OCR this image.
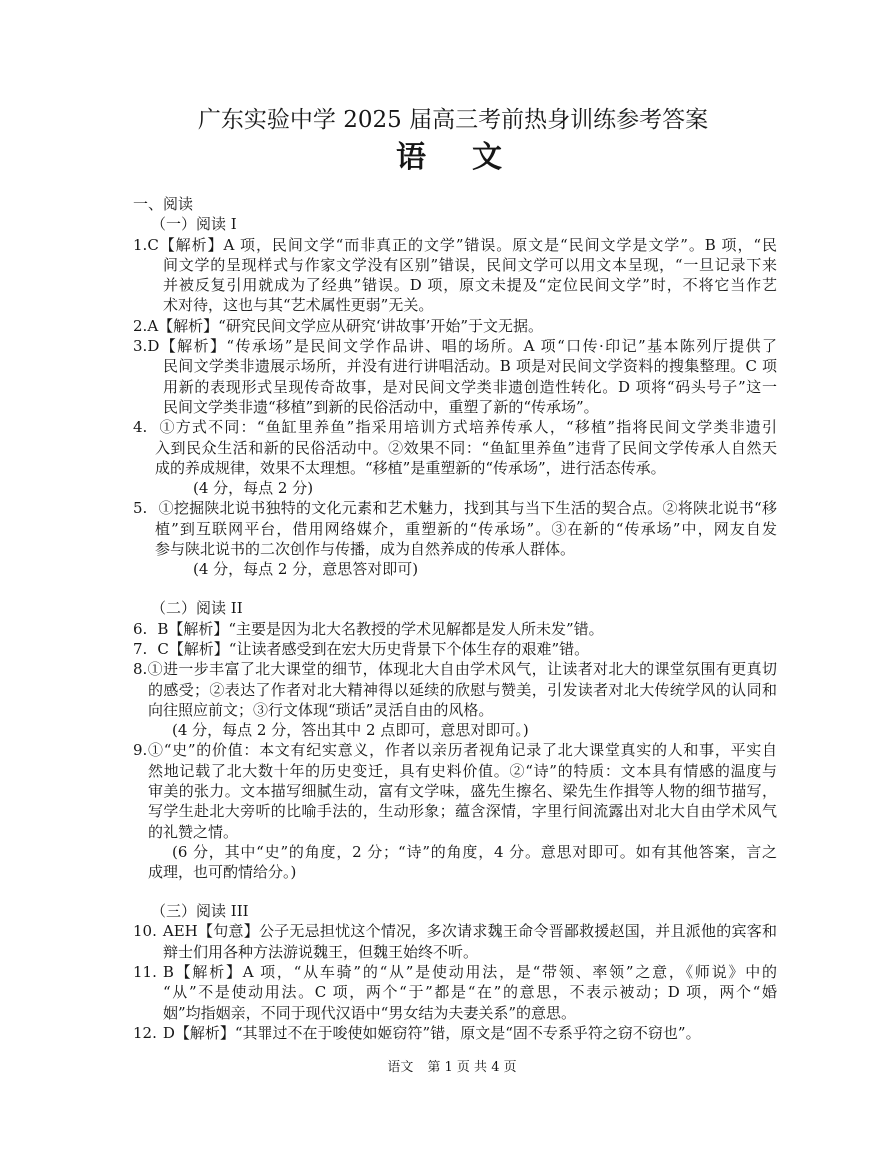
广东实验中学 2025 届高三考前热身训练参考答案
语　文
一、阅读
（一）阅读 I
1.C【解析】A 项，民间文学“而非真正的文学”错误。原文是“民间文学是文学”。B 项，“民
间文学的呈现样式与作家文学没有区别”错误，民间文学可以用文本呈现，“一旦记录下来
并被反复引用就成为了经典”错误。D 项，原文未提及“定位民间文学”时，不将它当作艺
术对待，这也与其“艺术属性更弱”无关。
2.A【解析】“研究民间文学应从研究‘讲故事’开始”于文无据。
3.D【解析】“传承场”是民间文学作品讲、唱的场所。A 项“口传·印记”基本陈列厅提供了
民间文学类非遗展示场所，并没有进行讲唱活动。B 项是对民间文学资料的搜集整理。C 项
用新的表现形式呈现传奇故事，是对民间文学类非遗创造性转化。D 项将“码头号子”这一
民间文学类非遗“移植”到新的民俗活动中，重塑了新的“传承场”。
4. ①方式不同：“鱼缸里养鱼”指采用培训方式培养传承人，“移植”指将民间文学类非遗引
入到民众生活和新的民俗活动中。②效果不同：“鱼缸里养鱼”违背了民间文学传承人自然天
成的养成规律，效果不太理想。“移植”是重塑新的“传承场”，进行活态传承。
(4 分，每点 2 分)
5. ①挖掘陕北说书独特的文化元素和艺术魅力，找到其与当下生活的契合点。②将陕北说书“移
植”到互联网平台，借用网络媒介，重塑新的“传承场”。③在新的“传承场”中，网友自发
参与陕北说书的二次创作与传播，成为自然养成的传承人群体。
(4 分，每点 2 分，意思答对即可)
（二）阅读 II
6. B【解析】“主要是因为北大名教授的学术见解都是发人所未发”错。
7. C【解析】“让读者感受到在宏大历史背景下个体生存的艰难”错。
8.①进一步丰富了北大课堂的细节，体现北大自由学术风气，让读者对北大的课堂氛围有更真切
的感受；②表达了作者对北大精神得以延续的欣慰与赞美，引发读者对北大传统学风的认同和
向往照应前文；③行文体现“琐话”灵活自由的风格。
(4 分，每点 2 分，答出其中 2 点即可，意思对即可。)
9.①“史”的价值：本文有纪实意义，作者以亲历者视角记录了北大课堂真实的人和事，平实自
然地记载了北大数十年的历史变迁，具有史料价值。②“诗”的特质：文本具有情感的温度与
审美的张力。文本描写细腻生动，富有文学味，盛先生擦名、梁先生作揖等人物的细节描写，
写学生赴北大旁听的比喻手法的，生动形象；蕴含深情，字里行间流露出对北大自由学术风气
的礼赞之情。
(6 分，其中“史”的角度，2 分；“诗”的角度，4 分。意思对即可。如有其他答案，言之
成理，也可酌情给分。)
（三）阅读 III
10. AEH【句意】公子无忌担忧这个情况，多次请求魏王命令晋鄙救援赵国，并且派他的宾客和
辩士们用各种方法游说魏王，但魏王始终不听。
11. B【解析】A 项，“从车骑”的“从”是使动用法，是“带领、率领”之意，《师说》中的
“从”不是使动用法。C 项，两个“于”都是“在”的意思，不表示被动；D 项，两个“婚
姻”均指姻亲，不同于现代汉语中“男女结为夫妻关系”的意思。
12. D【解析】“其罪过不在于唆使如姬窃符”错，原文是“固不专系乎符之窃不窃也”。
语文 第 1 页 共 4 页
